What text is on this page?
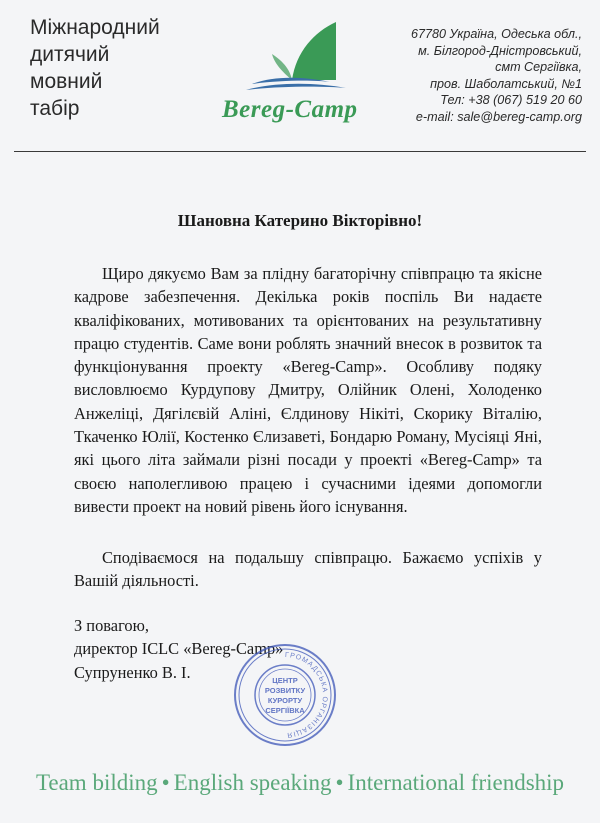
Міжнародний
дитячий
мовний
табір	Bereg-Camp
67780 Україна, Одеська обл.,
м. Білгород-Дністровський,
смт Сергіївка,
пров. Шаболатський, №1
Тел: +38 (067) 519 20 60
e-mail: sale@bereg-camp.org
Шановна Катерино Вікторівно!

Щиро дякуємо Вам за плідну багаторічну співпрацю та якісне кадрове забезпечення. Декілька років поспіль Ви надаєте кваліфікованих, мотивованих та орієнтованих на результативну працю студентів. Саме вони роблять значний внесок в розвиток та функціонування проекту «Bereg-Camp». Особливу подяку висловлюємо Курдупову Дмитру, Олійник Олені, Холоденко Анжеліці, Дягілєвій Аліні, Єлдинову Нікіті, Скорику Віталію, Ткаченко Юлії, Костенко Єлизаветі, Бондарю Роману, Мусіяці Яні, які цього літа займали різні посади у проекті «Bereg-Camp» та своєю наполегливою працею і сучасними ідеями допомогли вивести проект на новий рівень його існування.

Сподіваємося на подальшу співпрацю. Бажаємо успіхів у Вашій діяльності.

З повагою,
директор ICLC «Bereg-Camp»
Супруненко В. І.
ГРОМАДСЬКА ОРГАНІЗАЦІЯ
ЦЕНТР
РОЗВИТКУ
КУРОРТУ
СЕРГІЇВКА

Team bilding • English speaking • International friendship
